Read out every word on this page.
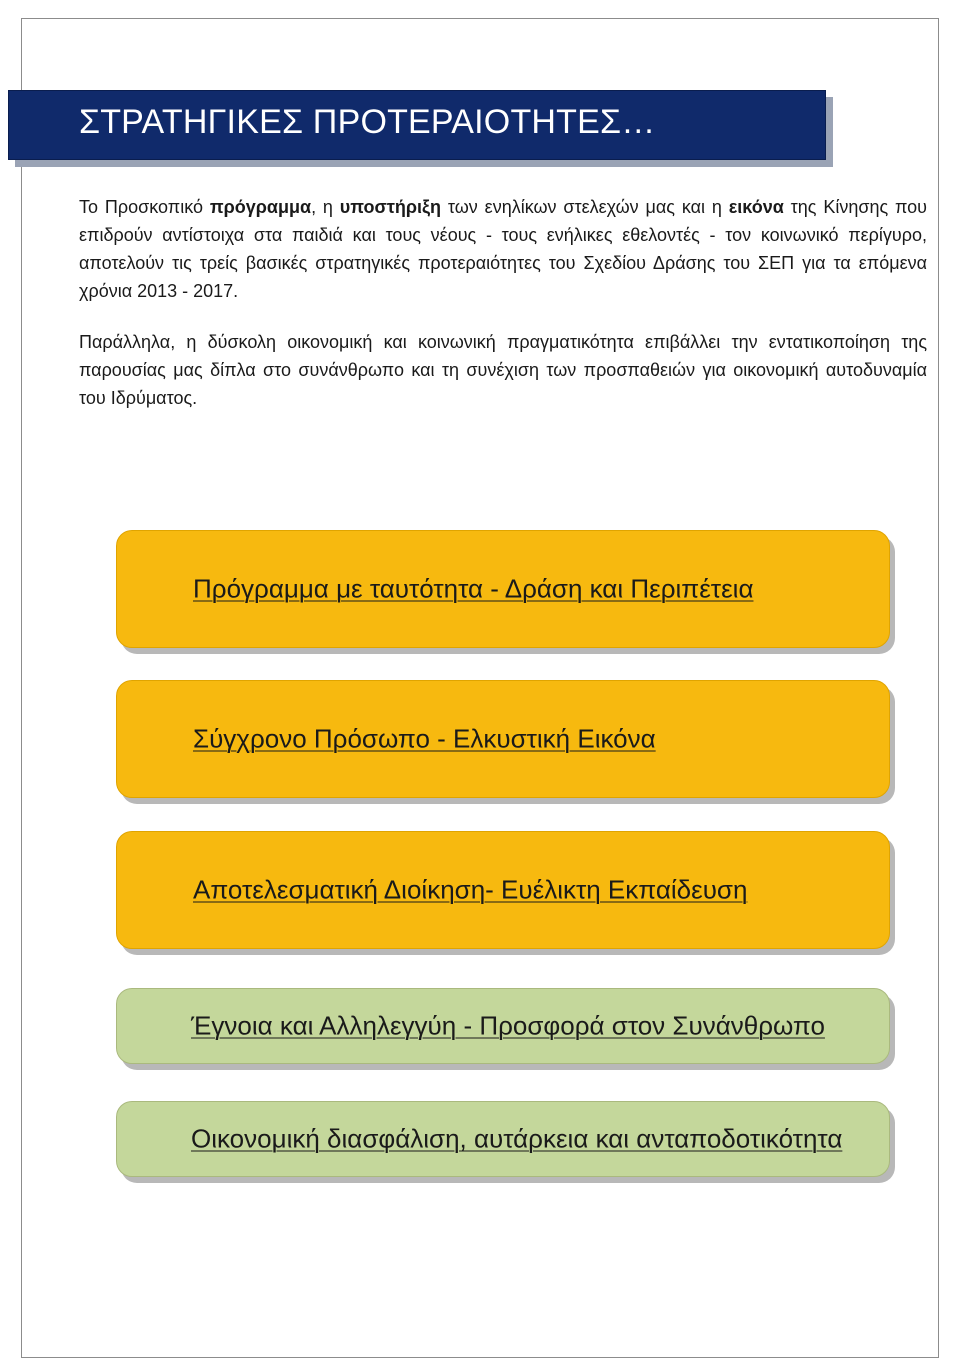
ΣΤΡΑΤΗΓΙΚΕΣ ΠΡΟΤΕΡΑΙΟΤΗΤΕΣ…

Το Προσκοπικό πρόγραμμα, η υποστήριξη των ενηλίκων στελεχών μας και η εικόνα της Κίνησης που επιδρούν αντίστοιχα στα παιδιά και τους νέους - τους ενήλικες εθελοντές - τον κοινωνικό περίγυρο, αποτελούν τις τρείς βασικές στρατηγικές προτεραιότητες του Σχεδίου Δράσης του ΣΕΠ για τα επόμενα χρόνια 2013 - 2017.

Παράλληλα, η δύσκολη οικονομική και κοινωνική πραγματικότητα επιβάλλει την εντατικοποίηση της παρουσίας μας δίπλα στο συνάνθρωπο και τη συνέχιση των προσπαθειών για οικονομική αυτοδυναμία του Ιδρύματος.

Πρόγραμμα με ταυτότητα - Δράση και Περιπέτεια
Σύγχρονο Πρόσωπο - Ελκυστική Εικόνα
Αποτελεσματική Διοίκηση- Ευέλικτη Εκπαίδευση
Έγνοια και Αλληλεγγύη - Προσφορά στον Συνάνθρωπο
Οικονομική διασφάλιση, αυτάρκεια και ανταποδοτικότητα
